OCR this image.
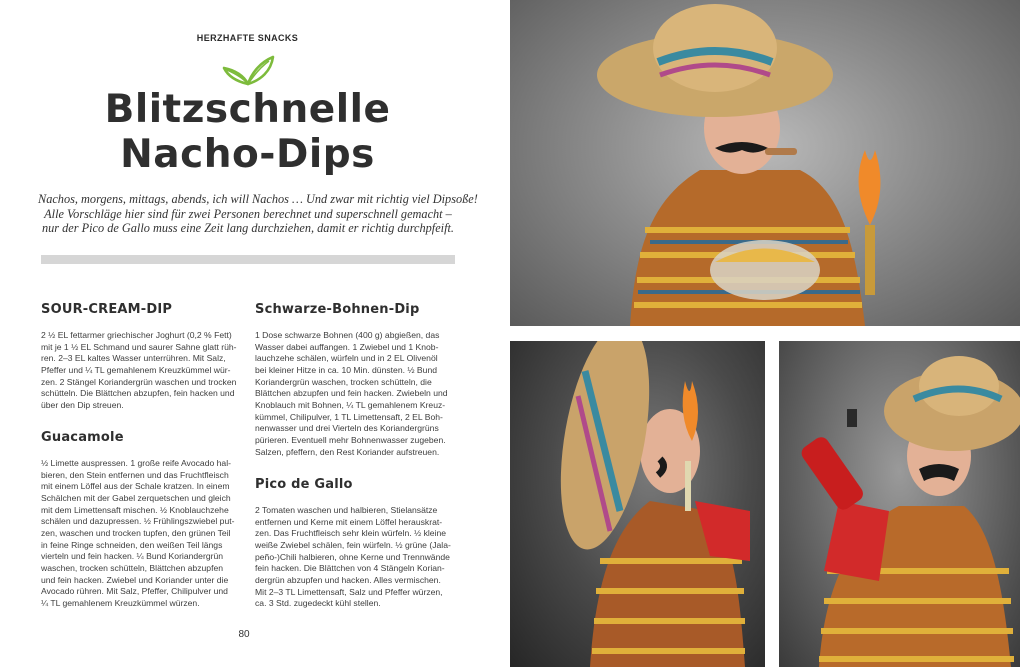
HERZHAFTE SNACKS
Blitzschnelle
Nacho-Dips
Nachos, morgens, mittags, abends, ich will Nachos … Und zwar mit richtig viel Dipsoße!
Alle Vorschläge hier sind für zwei Personen berechnet und superschnell gemacht –
nur der Pico de Gallo muss eine Zeit lang durchziehen, damit er richtig durchpfeift.
SOUR-CREAM-DIP
2 ½ EL fettarmer griechischer Joghurt (0,2 % Fett)
mit je 1 ½ EL Schmand und saurer Sahne glatt rüh-
ren. 2–3 EL kaltes Wasser unterrühren. Mit Salz,
Pfeffer und ¼ TL gemahlenem Kreuzkümmel wür-
zen. 2 Stängel Koriandergrün waschen und trocken
schütteln. Die Blättchen abzupfen, fein hacken und
über den Dip streuen.
Guacamole
½ Limette auspressen. 1 große reife Avocado hal-
bieren, den Stein entfernen und das Fruchtfleisch
mit einem Löffel aus der Schale kratzen. In einem
Schälchen mit der Gabel zerquetschen und gleich
mit dem Limettensaft mischen. ½ Knoblauchzehe
schälen und dazupressen. ½ Frühlingszwiebel put-
zen, waschen und trocken tupfen, den grünen Teil
in feine Ringe schneiden, den weißen Teil längs
vierteln und fein hacken. ¼ Bund Koriandergrün
waschen, trocken schütteln, Blättchen abzupfen
und fein hacken. Zwiebel und Koriander unter die
Avocado rühren. Mit Salz, Pfeffer, Chilipulver und
¼ TL gemahlenem Kreuzkümmel würzen.
Schwarze-Bohnen-Dip
1 Dose schwarze Bohnen (400 g) abgießen, das
Wasser dabei auffangen. 1 Zwiebel und 1 Knob-
lauchzehe schälen, würfeln und in 2 EL Olivenöl
bei kleiner Hitze in ca. 10 Min. dünsten. ½ Bund
Koriandergrün waschen, trocken schütteln, die
Blättchen abzupfen und fein hacken. Zwiebeln und
Knoblauch mit Bohnen, ¼ TL gemahlenem Kreuz-
kümmel, Chilipulver, 1 TL Limettensaft, 2 EL Boh-
nenwasser und drei Vierteln des Koriandergrüns
pürieren. Eventuell mehr Bohnenwasser zugeben.
Salzen, pfeffern, den Rest Koriander aufstreuen.
Pico de Gallo
2 Tomaten waschen und halbieren, Stielansätze
entfernen und Kerne mit einem Löffel herauskrat-
zen. Das Fruchtfleisch sehr klein würfeln. ½ kleine
weiße Zwiebel schälen, fein würfeln. ½ grüne (Jala-
peño-)Chili halbieren, ohne Kerne und Trennwände
fein hacken. Die Blättchen von 4 Stängeln Korian-
dergrün abzupfen und hacken. Alles vermischen.
Mit 2–3 TL Limettensaft, Salz und Pfeffer würzen,
ca. 3 Std. zugedeckt kühl stellen.
80
